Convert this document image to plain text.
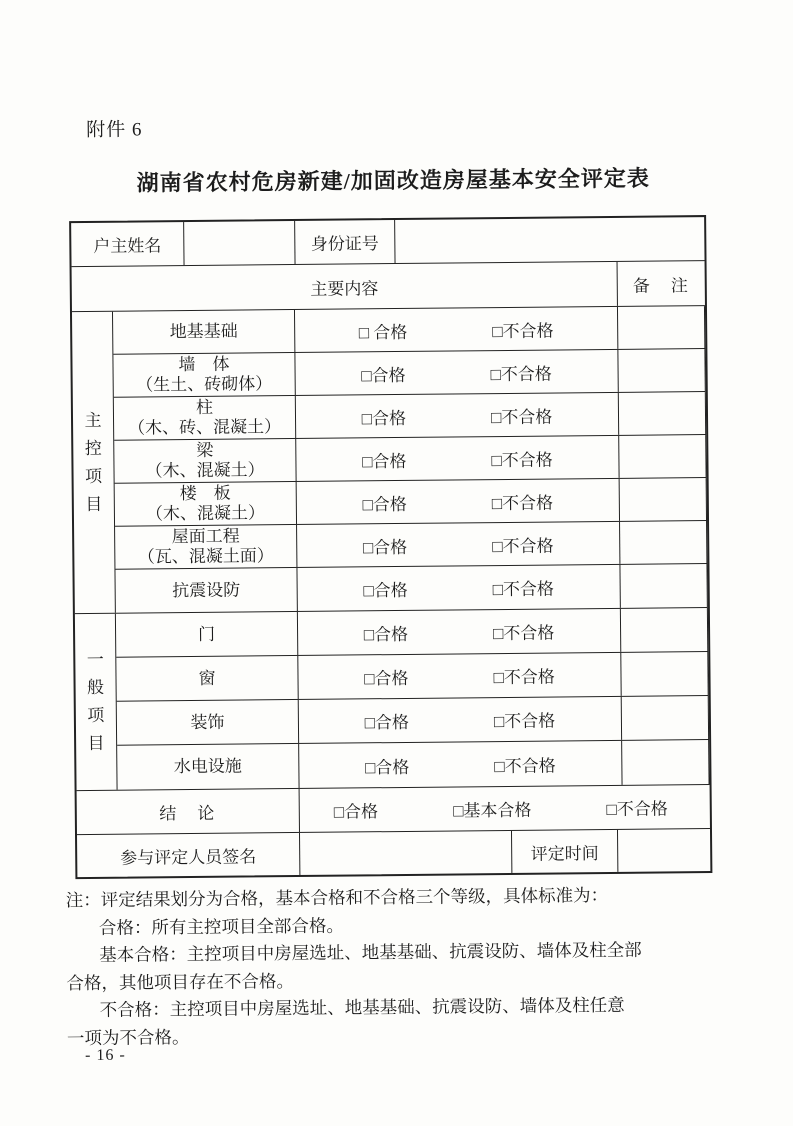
附件 6
湖南省农村危房新建/加固改造房屋基本安全评定表
户主姓名	身份证号
主要内容	备　注
主控项目
地基基础	□ 合格	□不合格
墙　体
（生土、砖砌体）	□合格	□不合格
柱
（木、砖、混凝土）	□合格	□不合格
梁
（木、混凝土）	□合格	□不合格
楼　板
（木、混凝土）	□合格	□不合格
屋面工程
（瓦、混凝土面）	□合格	□不合格
抗震设防	□合格	□不合格
一般项目
门	□合格	□不合格
窗	□合格	□不合格
装饰	□合格	□不合格
水电设施	□合格	□不合格
结　论	□合格	□基本合格	□不合格
参与评定人员签名	评定时间
注：评定结果划分为合格，基本合格和不合格三个等级，具体标准为：
合格：所有主控项目全部合格。
基本合格：主控项目中房屋选址、地基基础、抗震设防、墙体及柱全部
合格，其他项目存在不合格。
不合格：主控项目中房屋选址、地基基础、抗震设防、墙体及柱任意
一项为不合格。
- 16 -
